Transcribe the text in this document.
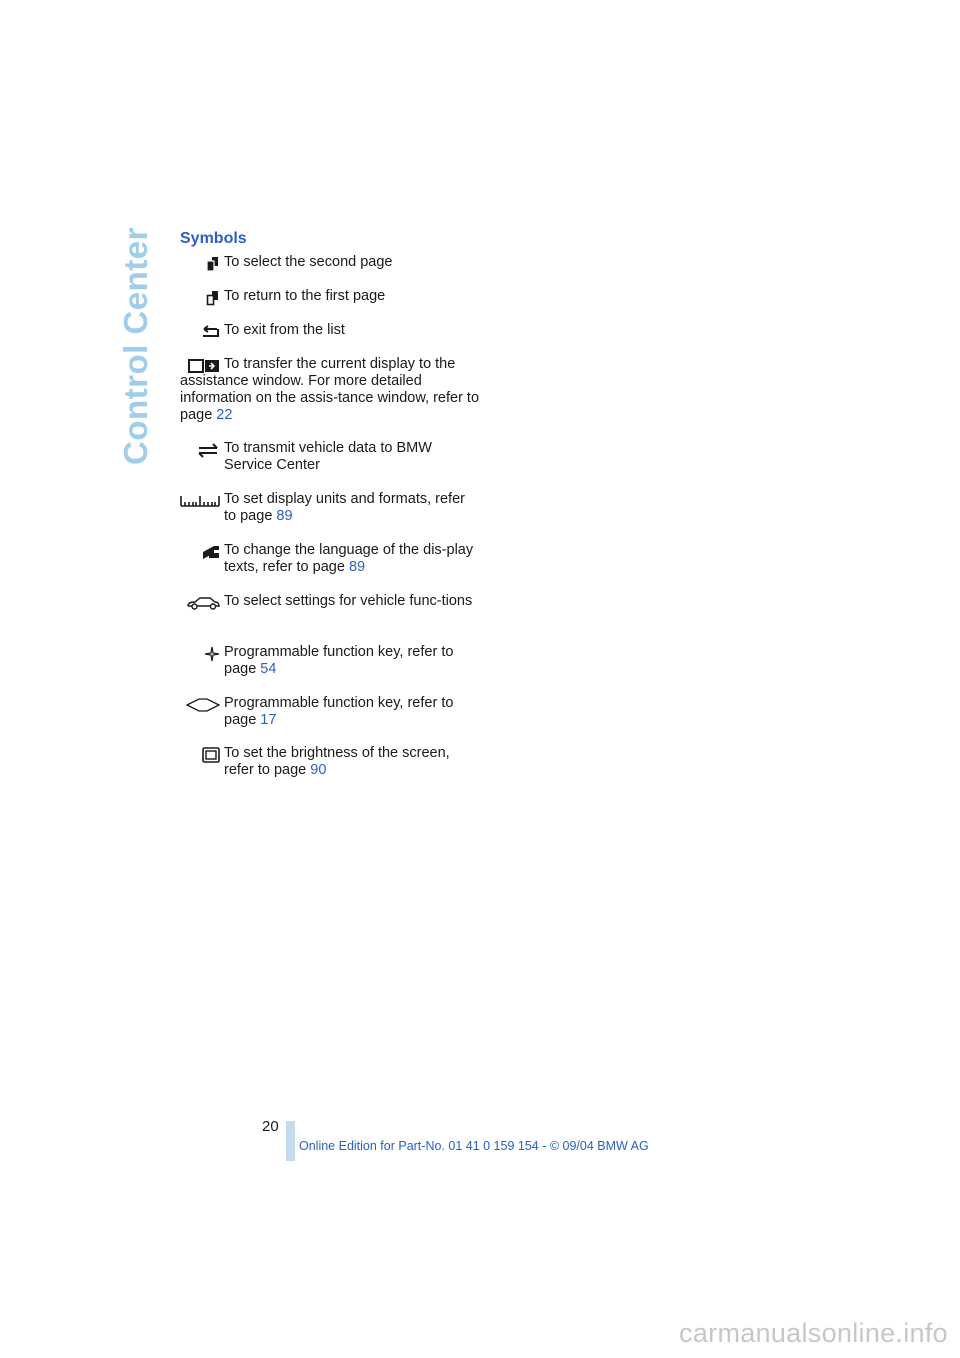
Control Center Symbols
To select the second page
To return to the first page
To exit from the list
To transfer the current display to the assistance window. For more detailed information on the assis-tance window, refer to page 22
To transmit vehicle data to BMW Service Center
To set display units and formats, refer to page 89
To change the language of the dis-play texts, refer to page 89
To select settings for vehicle func-tions
Programmable function key, refer to page 54
Programmable function key, refer to page 17
To set the brightness of the screen, refer to page 90
20
Online Edition for Part-No. 01 41 0 159 154 - © 09/04 BMW AG
carmanualsonline.info
